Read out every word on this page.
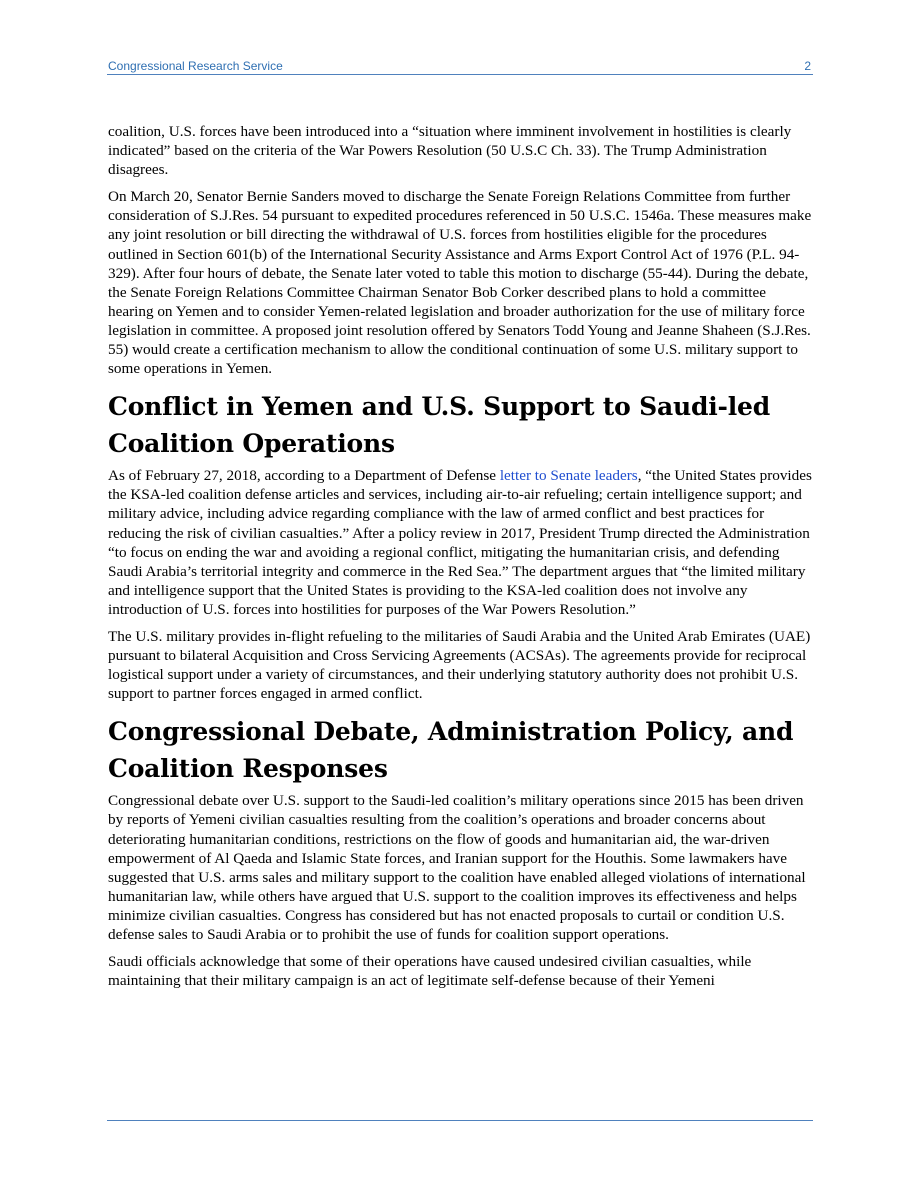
Congressional Research Service	2

coalition, U.S. forces have been introduced into a “situation where imminent involvement in hostilities is clearly indicated” based on the criteria of the War Powers Resolution (50 U.S.C Ch. 33). The Trump Administration disagrees.

On March 20, Senator Bernie Sanders moved to discharge the Senate Foreign Relations Committee from further consideration of S.J.Res. 54 pursuant to expedited procedures referenced in 50 U.S.C. 1546a. These measures make any joint resolution or bill directing the withdrawal of U.S. forces from hostilities eligible for the procedures outlined in Section 601(b) of the International Security Assistance and Arms Export Control Act of 1976 (P.L. 94-329). After four hours of debate, the Senate later voted to table this motion to discharge (55-44). During the debate, the Senate Foreign Relations Committee Chairman Senator Bob Corker described plans to hold a committee hearing on Yemen and to consider Yemen-related legislation and broader authorization for the use of military force legislation in committee. A proposed joint resolution offered by Senators Todd Young and Jeanne Shaheen (S.J.Res. 55) would create a certification mechanism to allow the conditional continuation of some U.S. military support to some operations in Yemen.

Conflict in Yemen and U.S. Support to Saudi-led Coalition Operations

As of February 27, 2018, according to a Department of Defense letter to Senate leaders, “the United States provides the KSA-led coalition defense articles and services, including air-to-air refueling; certain intelligence support; and military advice, including advice regarding compliance with the law of armed conflict and best practices for reducing the risk of civilian casualties.” After a policy review in 2017, President Trump directed the Administration “to focus on ending the war and avoiding a regional conflict, mitigating the humanitarian crisis, and defending Saudi Arabia’s territorial integrity and commerce in the Red Sea.” The department argues that “the limited military and intelligence support that the United States is providing to the KSA-led coalition does not involve any introduction of U.S. forces into hostilities for purposes of the War Powers Resolution.”

The U.S. military provides in-flight refueling to the militaries of Saudi Arabia and the United Arab Emirates (UAE) pursuant to bilateral Acquisition and Cross Servicing Agreements (ACSAs). The agreements provide for reciprocal logistical support under a variety of circumstances, and their underlying statutory authority does not prohibit U.S. support to partner forces engaged in armed conflict.

Congressional Debate, Administration Policy, and Coalition Responses

Congressional debate over U.S. support to the Saudi-led coalition’s military operations since 2015 has been driven by reports of Yemeni civilian casualties resulting from the coalition’s operations and broader concerns about deteriorating humanitarian conditions, restrictions on the flow of goods and humanitarian aid, the war-driven empowerment of Al Qaeda and Islamic State forces, and Iranian support for the Houthis. Some lawmakers have suggested that U.S. arms sales and military support to the coalition have enabled alleged violations of international humanitarian law, while others have argued that U.S. support to the coalition improves its effectiveness and helps minimize civilian casualties. Congress has considered but has not enacted proposals to curtail or condition U.S. defense sales to Saudi Arabia or to prohibit the use of funds for coalition support operations.

Saudi officials acknowledge that some of their operations have caused undesired civilian casualties, while maintaining that their military campaign is an act of legitimate self-defense because of their Yemeni
